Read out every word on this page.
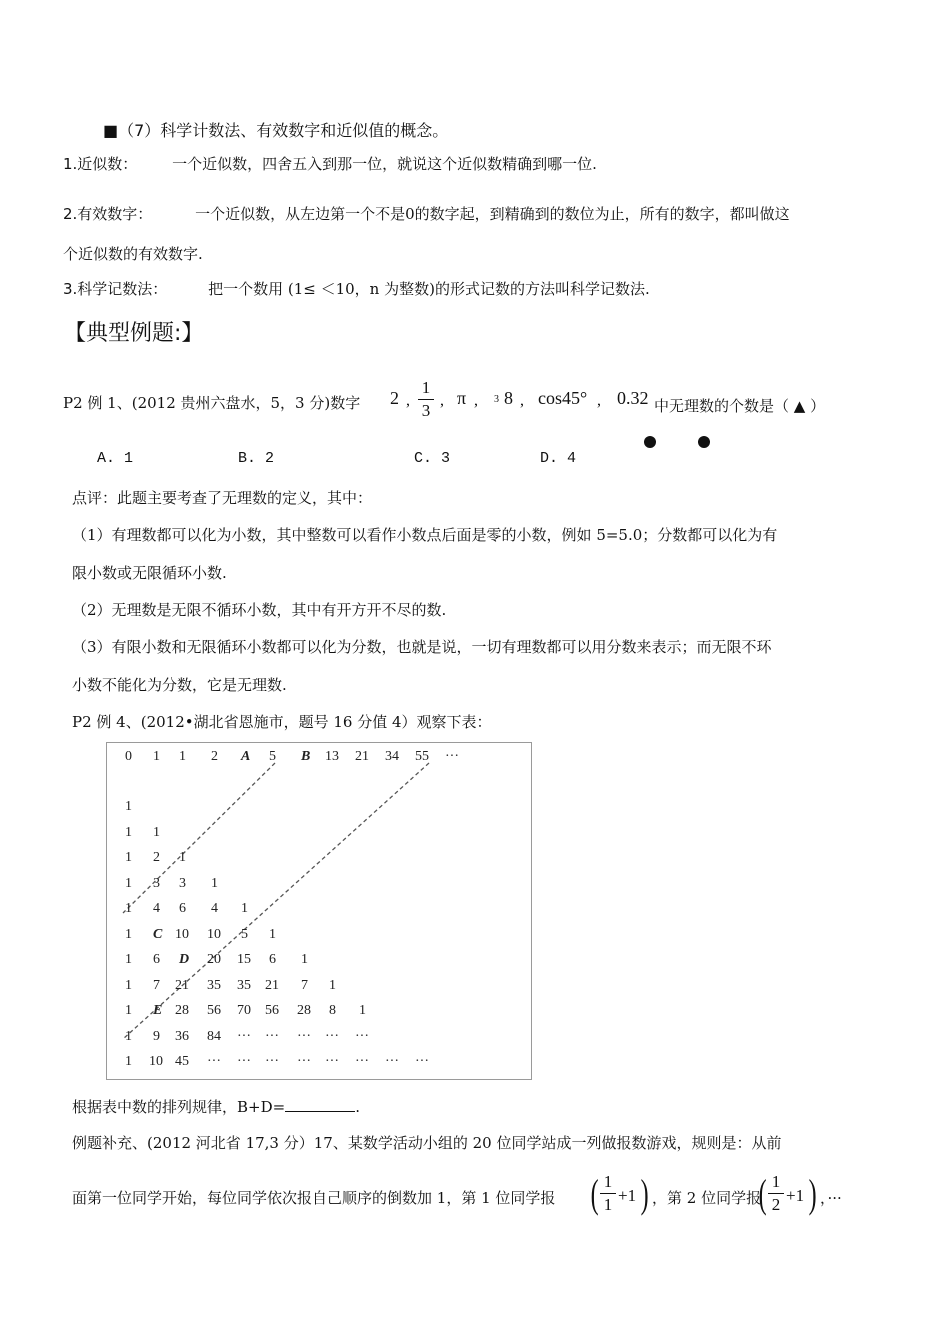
■（7）科学计数法、有效数字和近似值的概念。
1.近似数： 一个近似数，四舍五入到那一位，就说这个近似数精确到哪一位.
2.有效数字：	一个近似数，从左边第一个不是0的数字起，到精确到的数位为止，所有的数字，都叫做这
个近似数的有效数字.
3.科学记数法：	把一个数用 (1≤ ＜10，n 为整数)的形式记数的方法叫科学记数法.
【典型例题:】
P2 例 1、(2012 贵州六盘水，5，3 分)数字 2 ,
1
3
, π , 3 8 , cos45° , 0.32 中无理数的个数是（ ▲ ）
A. 1	B. 2	C. 3	D. 4
点评：此题主要考查了无理数的定义，其中：
（1）有理数都可以化为小数，其中整数可以看作小数点后面是零的小数，例如 5=5.0；分数都可以化为有
限小数或无限循环小数.
（2）无理数是无限不循环小数，其中有开方开不尽的数.
（3）有限小数和无限循环小数都可以化为分数，也就是说，一切有理数都可以用分数来表示；而无限不环
小数不能化为分数，它是无理数.
P2 例 4、(2012•湖北省恩施市，题号 16 分值 4）观察下表：
0 1 1 2 A 5 B 13 21 34 55 ···
1
1 1
1 2 1
1 3 3 1
1 4 6 4 1
1 C 10 10 5 1
1 6 D 20 15 6 1
1 7 21 35 35 21 7 1
1 E 28 56 70 56 28 8 1
1 9 36 84 ··· ··· ··· ··· ···
1 10 45 ··· ··· ··· ··· ··· ··· ··· ···
根据表中数的排列规律，B+D=	.
例题补充、(2012 河北省 17,3 分）17、某数学活动小组的 20 位同学站成一列做报数游戏，规则是：从前
面第一位同学开始，每位同学依次报自己顺序的倒数加 1，第 1 位同学报 ( 1
1 +1 ) ，第 2 位同学报
( 1
2 +1 ) ，···
